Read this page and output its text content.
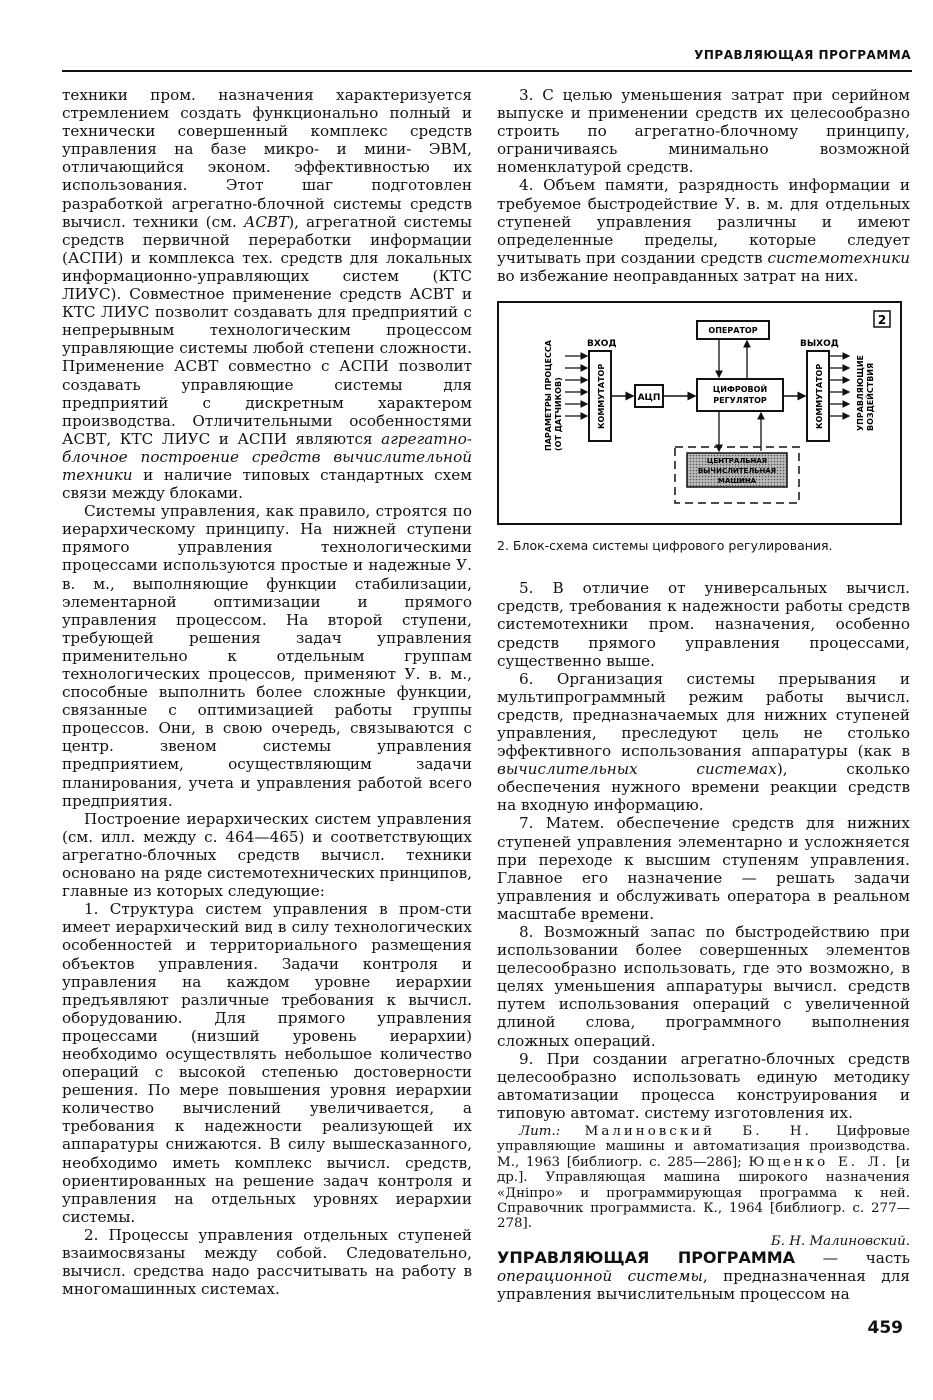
УПРАВЛЯЮЩАЯ ПРОГРАММА

техники пром. назначения характеризуется стремлением создать функционально полный и технически совершенный комплекс средств управления на базе микро- и мини- ЭВМ, отличающийся эконом. эффективностью их использования. Этот шаг подготовлен разработкой агрегатно-блочной системы средств вычисл. техники (см. АСВТ), агрегатной системы средств первичной переработки информации (АСПИ) и комплекса тех. средств для локальных информационно-управляющих систем (КТС ЛИУС). Совместное применение средств АСВТ и КТС ЛИУС позволит создавать для предприятий с непрерывным технологическим процессом управляющие системы любой степени сложности. Применение АСВТ совместно с АСПИ позволит создавать управляющие системы для предприятий с дискретным характером производства. Отличительными особенностями АСВТ, КТС ЛИУС и АСПИ являются агрегатно-блочное построение средств вычислительной техники и наличие типовых стандартных схем связи между блоками.

Системы управления, как правило, строятся по иерархическому принципу. На нижней ступени прямого управления технологическими процессами используются простые и надежные У. в. м., выполняющие функции стабилизации, элементарной оптимизации и прямого управления процессом. На второй ступени, требующей решения задач управления применительно к отдельным группам технологических процессов, применяют У. в. м., способные выполнить более сложные функции, связанные с оптимизацией работы группы процессов. Они, в свою очередь, связываются с центр. звеном системы управления предприятием, осуществляющим задачи планирования, учета и управления работой всего предприятия.

Построение иерархических систем управления (см. илл. между с. 464—465) и соответствующих агрегатно-блочных средств вычисл. техники основано на ряде системотехнических принципов, главные из которых следующие:

1. Структура систем управления в пром-сти имеет иерархический вид в силу технологических особенностей и территориального размещения объектов управления. Задачи контроля и управления на каждом уровне иерархии предъявляют различные требования к вычисл. оборудованию. Для прямого управления процессами (низший уровень иерархии) необходимо осуществлять небольшое количество операций с высокой степенью достоверности решения. По мере повышения уровня иерархии количество вычислений увеличивается, а требования к надежности реализующей их аппаратуры снижаются. В силу вышесказанного, необходимо иметь комплекс вычисл. средств, ориентированных на решение задач контроля и управления на отдельных уровнях иерархии системы.

2. Процессы управления отдельных ступеней взаимосвязаны между собой. Следовательно, вычисл. средства надо рассчитывать на работу в многомашинных системах.

3. С целью уменьшения затрат при серийном выпуске и применении средств их целесообразно строить по агрегатно-блочному принципу, ограничиваясь минимально возможной номенклатурой средств.

4. Объем памяти, разрядность информации и требуемое быстродействие У. в. м. для отдельных ступеней управления различны и имеют определенные пределы, которые следует учитывать при создании средств системотехники во избежание неоправданных затрат на них.

2
ПАРАМЕТРЫ ПРОЦЕССА (ОТ ДАТЧИКОВ)
ВХОД
КОММУТАТОР	АЦП
ЦИФРОВОЙ
РЕГУЛЯТОР
ОПЕРАТОР
ВЫХОД
КОММУТАТОР	УПРАВЛЯЮЩИЕ ВОЗДЕЙСТВИЯ
ЦЕНТРАЛЬНАЯ
ВЫЧИСЛИТЕЛЬНАЯ
МАШИНА
2. Блок-схема системы цифрового регулирования.

5. В отличие от универсальных вычисл. средств, требования к надежности работы средств системотехники пром. назначения, особенно средств прямого управления процессами, существенно выше.

6. Организация системы прерывания и мультипрограммный режим работы вычисл. средств, предназначаемых для нижних ступеней управления, преследуют цель не столько эффективного использования аппаратуры (как в вычислительных системах), сколько обеспечения нужного времени реакции средств на входную информацию.

7. Матем. обеспечение средств для нижних ступеней управления элементарно и усложняется при переходе к высшим ступеням управления. Главное его назначение — решать задачи управления и обслуживать оператора в реальном масштабе времени.

8. Возможный запас по быстродействию при использовании более совершенных элементов целесообразно использовать, где это возможно, в целях уменьшения аппаратуры вычисл. средств путем использования операций с увеличенной длиной слова, программного выполнения сложных операций.

9. При создании агрегатно-блочных средств целесообразно использовать единую методику автоматизации процесса конструирования и типовую автомат. систему изготовления их.

Лит.: Малиновский Б. Н. Цифровые управляющие машины и автоматизация производства. М., 1963 [библиогр. с. 285—286]; Ющенко Е. Л. [и др.]. Управляющая машина широкого назначения «Дніпро» и программирующая программа к ней. Справочник программиста. К., 1964 [библиогр. с. 277—278].

Б. Н. Малиновский.

УПРАВЛЯЮЩАЯ ПРОГРАММА — часть операционной системы, предназначенная для управления вычислительным процессом на

459
